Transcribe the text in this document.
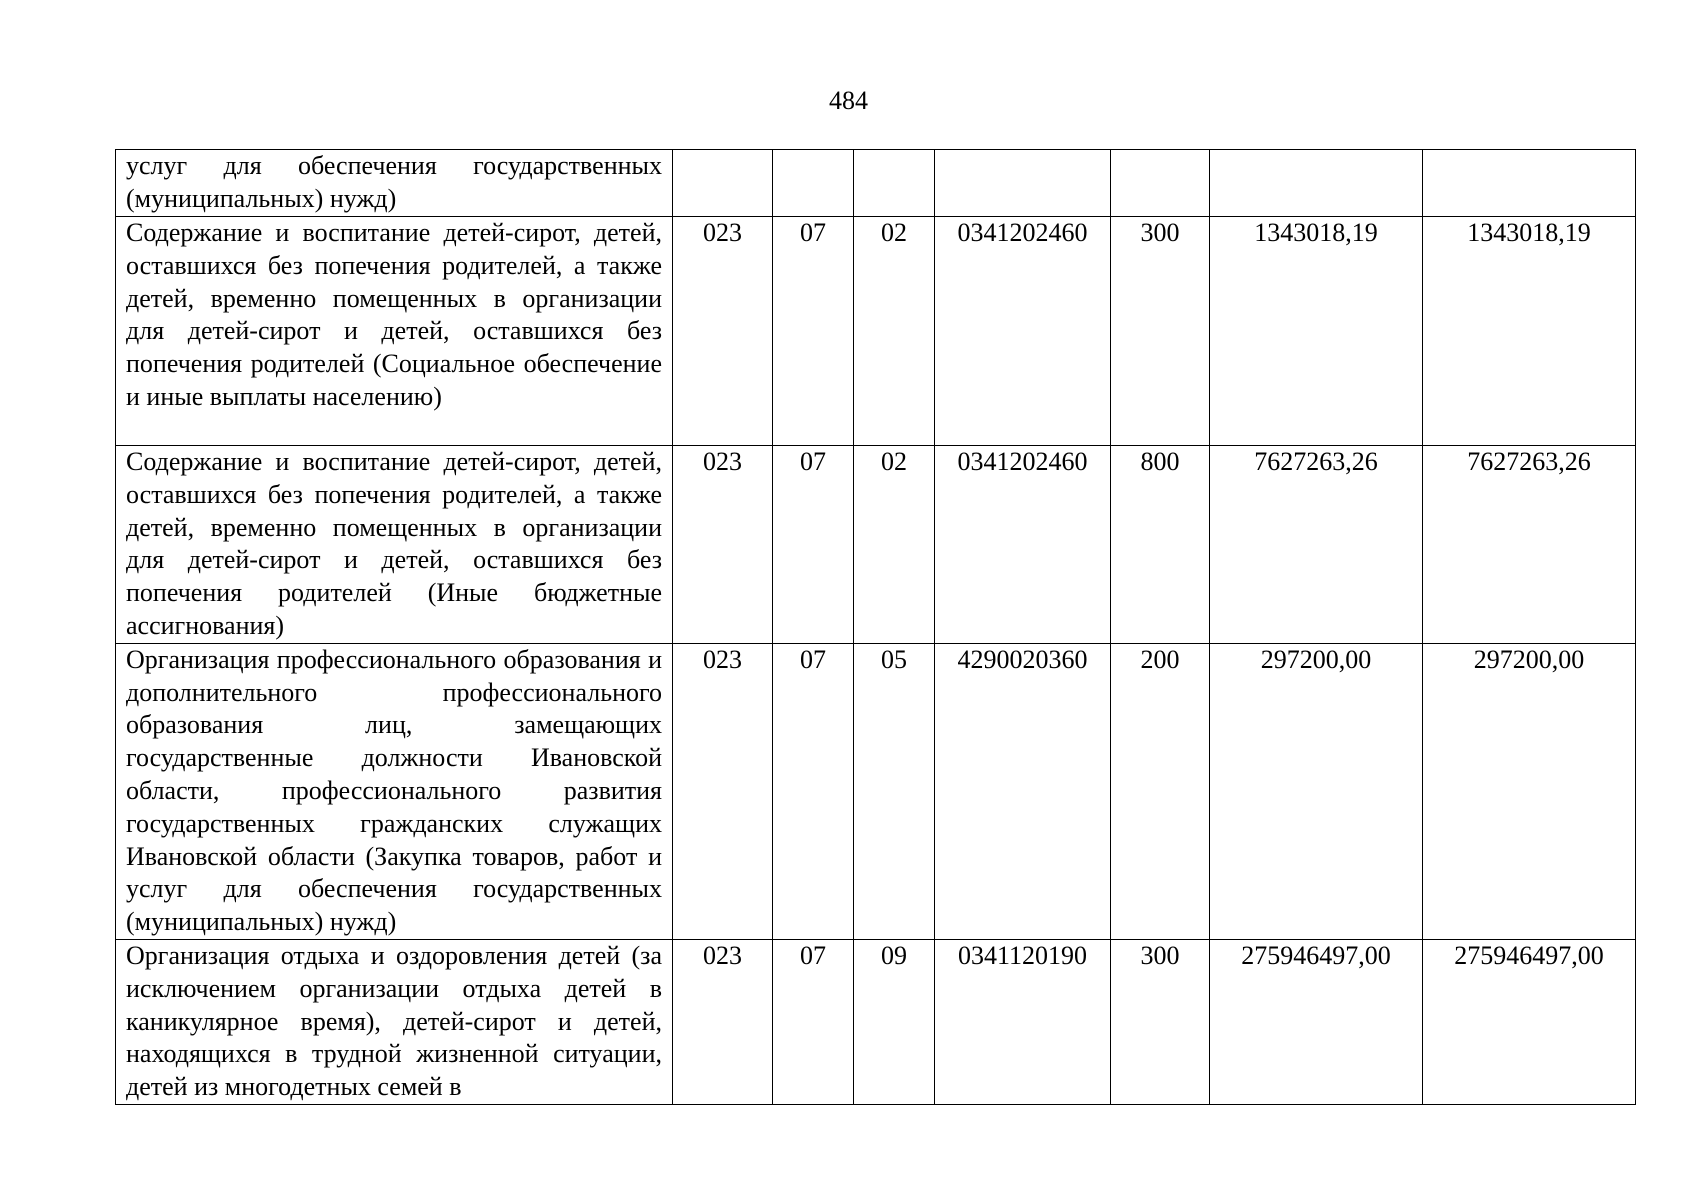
484
услуг для обеспечения государственных (муниципальных) нужд)							
Содержание и воспитание детей-сирот, детей, оставшихся без попечения родителей, а также детей, временно помещенных в организации для детей-сирот и детей, оставшихся без попечения родителей (Социальное обеспечение и иные выплаты населению)	023	07	02	0341202460	300	1343018,19	1343018,19
Содержание и воспитание детей-сирот, детей, оставшихся без попечения родителей, а также детей, временно помещенных в организации для детей-сирот и детей, оставшихся без попечения родителей (Иные бюджетные ассигнования)	023	07	02	0341202460	800	7627263,26	7627263,26
Организация профессионального образования и дополнительного профессионального образования лиц, замещающих государственные должности Ивановской области, профессионального развития государственных гражданских служащих Ивановской области (Закупка товаров, работ и услуг для обеспечения государственных (муниципальных) нужд)	023	07	05	4290020360	200	297200,00	297200,00
Организация отдыха и оздоровления детей (за исключением организации отдыха детей в каникулярное время), детей-сирот и детей, находящихся в трудной жизненной ситуации, детей из многодетных семей в	023	07	09	0341120190	300	275946497,00	275946497,00
